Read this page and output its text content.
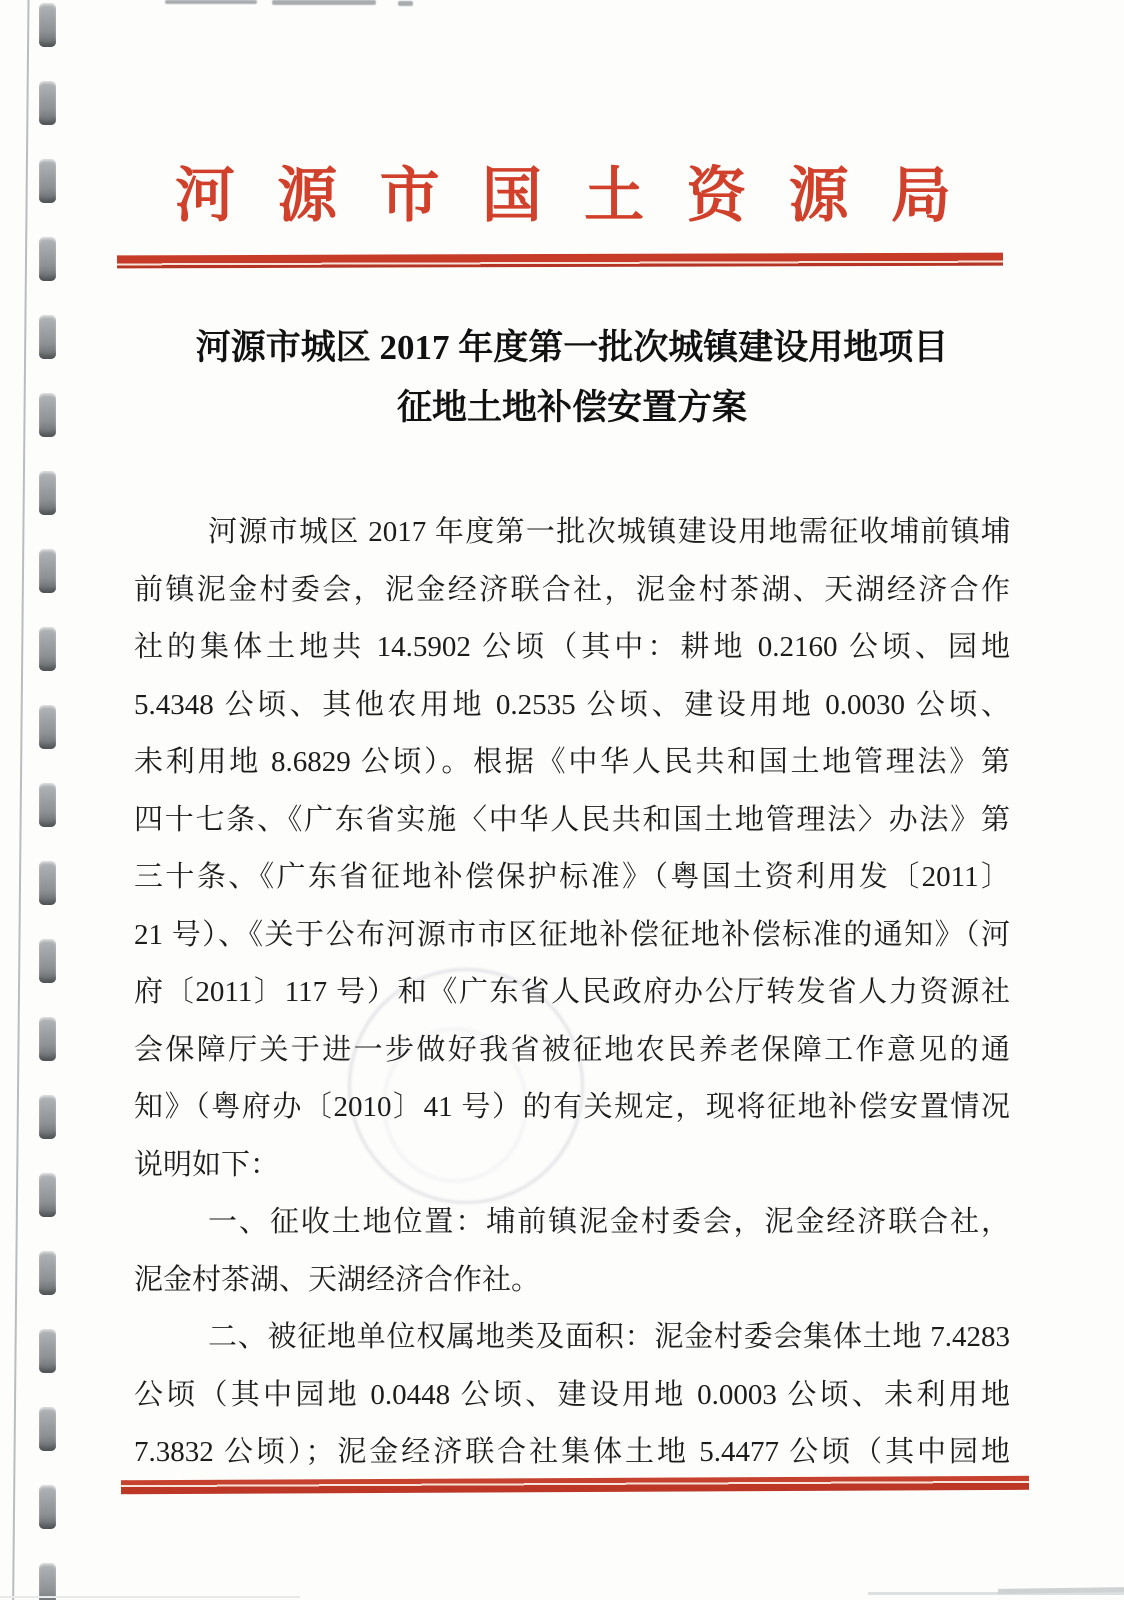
河源市国土资源局
河源市城区 2017 年度第一批次城镇建设用地项目
征地土地补偿安置方案
河源市城区 2017 年度第一批次城镇建设用地需征收埔前镇埔
前镇泥金村委会，泥金经济联合社，泥金村茶湖、天湖经济合作
社的集体土地共 14.5902 公顷（其中：耕地 0.2160 公顷、园地
5.4348 公顷、其他农用地 0.2535 公顷、建设用地 0.0030 公顷、
未利用地 8.6829 公顷）。根据《中华人民共和国土地管理法》第
四十七条、《广东省实施〈中华人民共和国土地管理法〉办法》第
三十条、《广东省征地补偿保护标准》（粤国土资利用发〔2011〕
21 号）、《关于公布河源市市区征地补偿征地补偿标准的通知》（河
府〔2011〕117 号）和《广东省人民政府办公厅转发省人力资源社
会保障厅关于进一步做好我省被征地农民养老保障工作意见的通
知》（粤府办〔2010〕41 号）的有关规定，现将征地补偿安置情况
说明如下：
一、征收土地位置：埔前镇泥金村委会，泥金经济联合社，
泥金村茶湖、天湖经济合作社。
二、被征地单位权属地类及面积：泥金村委会集体土地 7.4283
公顷（其中园地 0.0448 公顷、建设用地 0.0003 公顷、未利用地
7.3832 公顷）；泥金经济联合社集体土地 5.4477 公顷（其中园地
